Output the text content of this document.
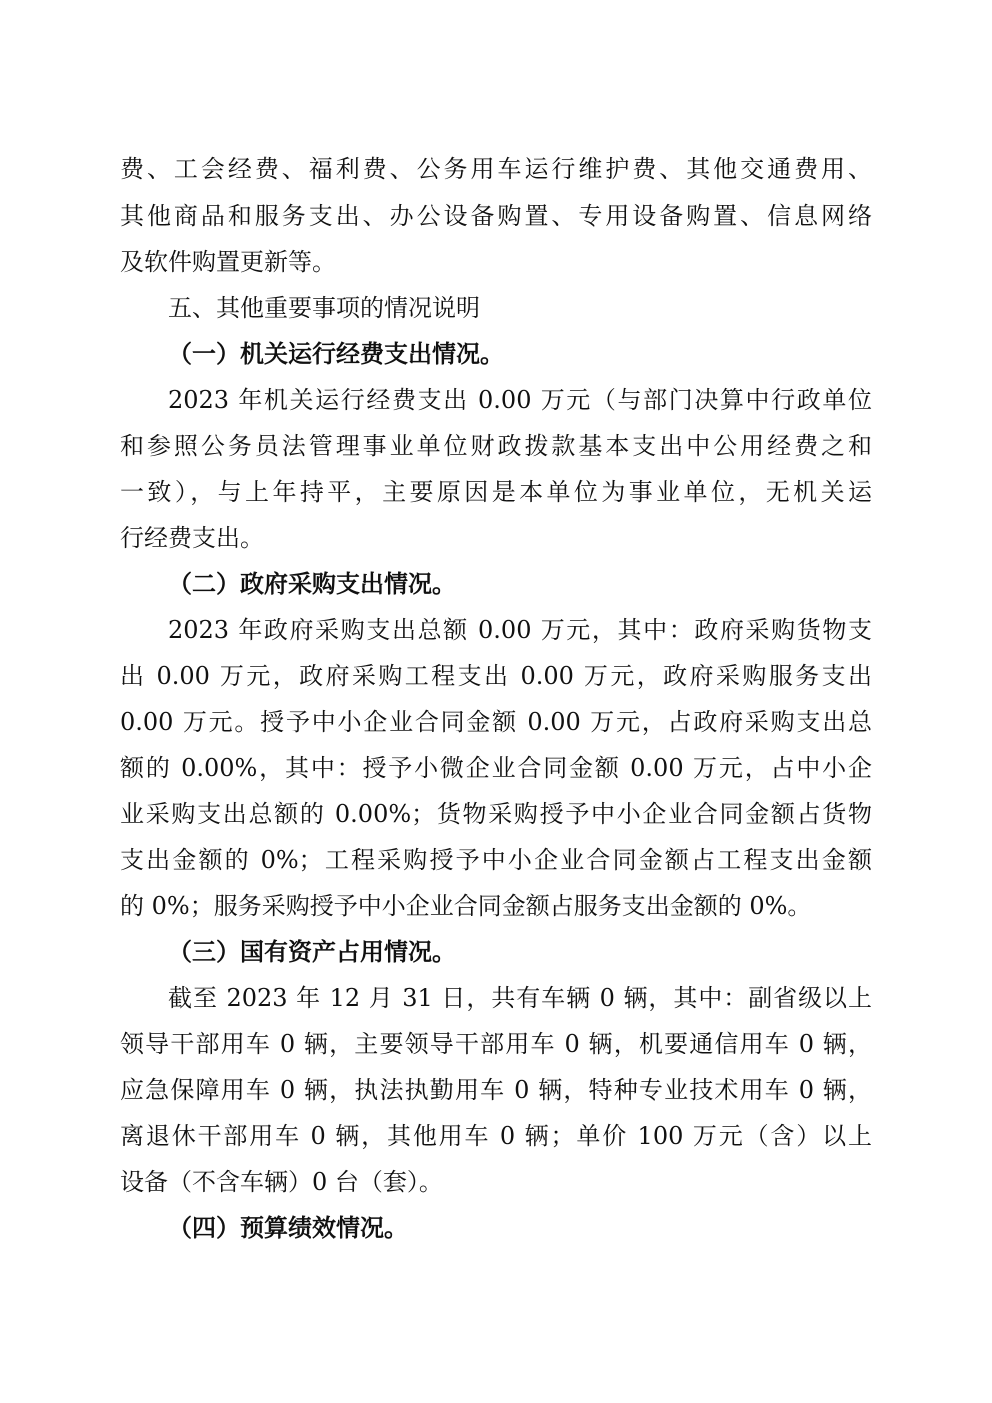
费、工会经费、福利费、公务用车运行维护费、其他交通费用、
其他商品和服务支出、办公设备购置、专用设备购置、信息网络
及软件购置更新等。
五、其他重要事项的情况说明
（一）机关运行经费支出情况。
2023 年机关运行经费支出 0.00 万元（与部门决算中行政单位
和参照公务员法管理事业单位财政拨款基本支出中公用经费之和
一致），与上年持平，主要原因是本单位为事业单位，无机关运
行经费支出。
（二）政府采购支出情况。
2023 年政府采购支出总额 0.00 万元，其中：政府采购货物支
出 0.00 万元，政府采购工程支出 0.00 万元，政府采购服务支出
0.00 万元。授予中小企业合同金额 0.00 万元，占政府采购支出总
额的 0.00%，其中：授予小微企业合同金额 0.00 万元，占中小企
业采购支出总额的 0.00%；货物采购授予中小企业合同金额占货物
支出金额的 0%；工程采购授予中小企业合同金额占工程支出金额
的 0%；服务采购授予中小企业合同金额占服务支出金额的 0%。
（三）国有资产占用情况。
截至 2023 年 12 月 31 日，共有车辆 0 辆，其中：副省级以上
领导干部用车 0 辆，主要领导干部用车 0 辆，机要通信用车 0 辆，
应急保障用车 0 辆，执法执勤用车 0 辆，特种专业技术用车 0 辆，
离退休干部用车 0 辆，其他用车 0 辆；单价 100 万元（含）以上
设备（不含车辆）0 台（套）。
（四）预算绩效情况。
